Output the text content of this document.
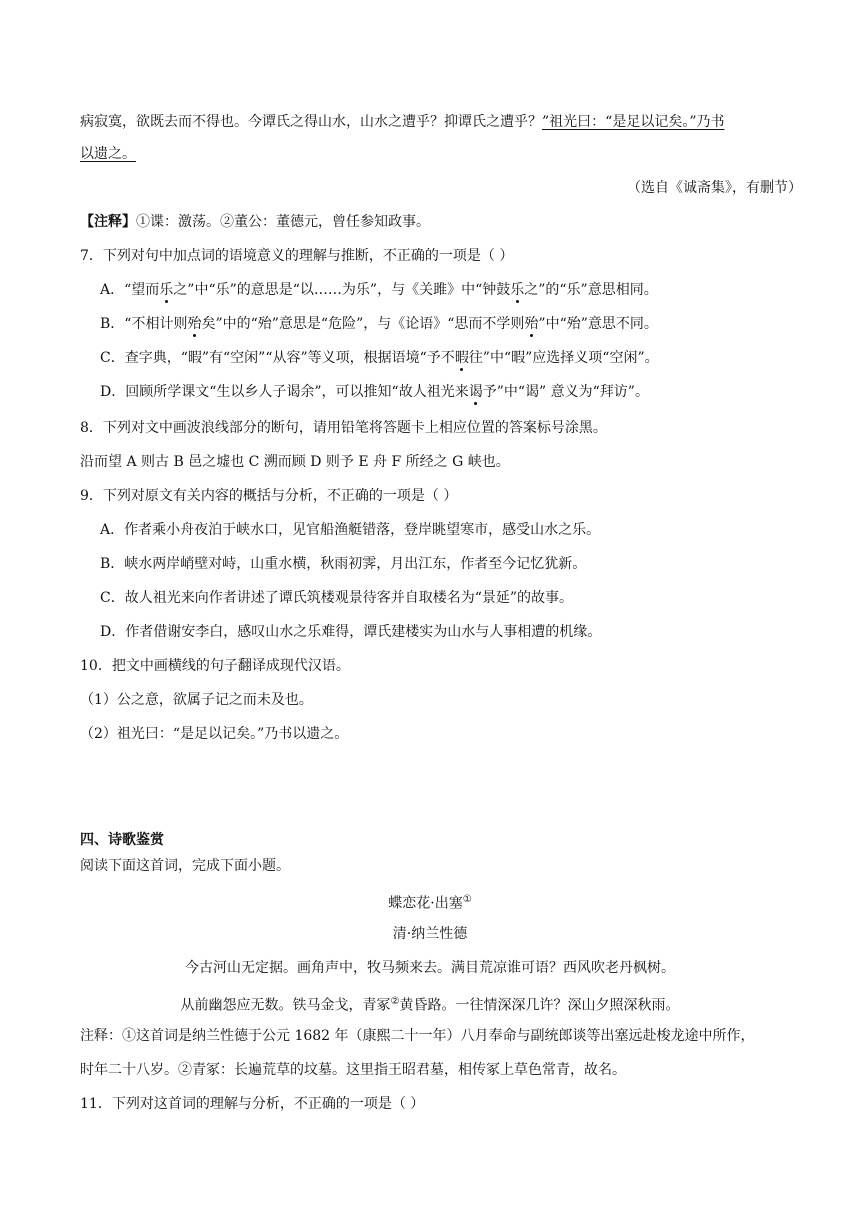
病寂寞，欲既去而不得也。今谭氏之得山水，山水之遭乎？抑谭氏之遭乎？”祖光曰：“是足以记矣。”乃书
以遗之。
（选自《诚斋集》，有删节）
【注释】①谍：激荡。②董公：董德元，曾任参知政事。
7．下列对句中加点词的语境意义的理解与推断，不正确的一项是（ ）
A．“望而乐之”中“乐”的意思是“以……为乐”，与《关雎》中“钟鼓乐之”的“乐”意思相同。
B．“不相计则殆矣”中的“殆”意思是“危险”，与《论语》“思而不学则殆”中“殆”意思不同。
C．查字典，“暇”有“空闲”“从容”等义项，根据语境“予不暇往”中“暇”应选择义项“空闲”。
D．回顾所学课文“生以乡人子谒余”，可以推知“故人祖光来谒予”中“谒” 意义为“拜访”。
8．下列对文中画波浪线部分的断句，请用铅笔将答题卡上相应位置的答案标号涂黑。
沿而望 A 则古 B 邑之墟也 C 溯而顾 D 则予 E 舟 F 所经之 G 峡也。
9．下列对原文有关内容的概括与分析，不正确的一项是（ ）
A．作者乘小舟夜泊于峡水口，见官船渔艇错落，登岸眺望寒市，感受山水之乐。
B．峡水两岸峭壁对峙，山重水横，秋雨初霁，月出江东，作者至今记忆犹新。
C．故人祖光来向作者讲述了谭氏筑楼观景待客并自取楼名为“景延”的故事。
D．作者借谢安李白，感叹山水之乐难得，谭氏建楼实为山水与人事相遭的机缘。
10．把文中画横线的句子翻译成现代汉语。
（1）公之意，欲属子记之而未及也。
（2）祖光曰：“是足以记矣。”乃书以遗之。
四、诗歌鉴赏
阅读下面这首词，完成下面小题。
蝶恋花·出塞①
清·纳兰性德
今古河山无定据。画角声中，牧马频来去。满目荒凉谁可语？西风吹老丹枫树。
从前幽怨应无数。铁马金戈，青冢②黄昏路。一往情深深几许？深山夕照深秋雨。
注释：①这首词是纳兰性德于公元 1682 年（康熙二十一年）八月奉命与副统郎谈等出塞远赴梭龙途中所作，
时年二十八岁。②青冢：长遍荒草的坟墓。这里指王昭君墓，相传冢上草色常青，故名。
11．下列对这首词的理解与分析，不正确的一项是（ ）
